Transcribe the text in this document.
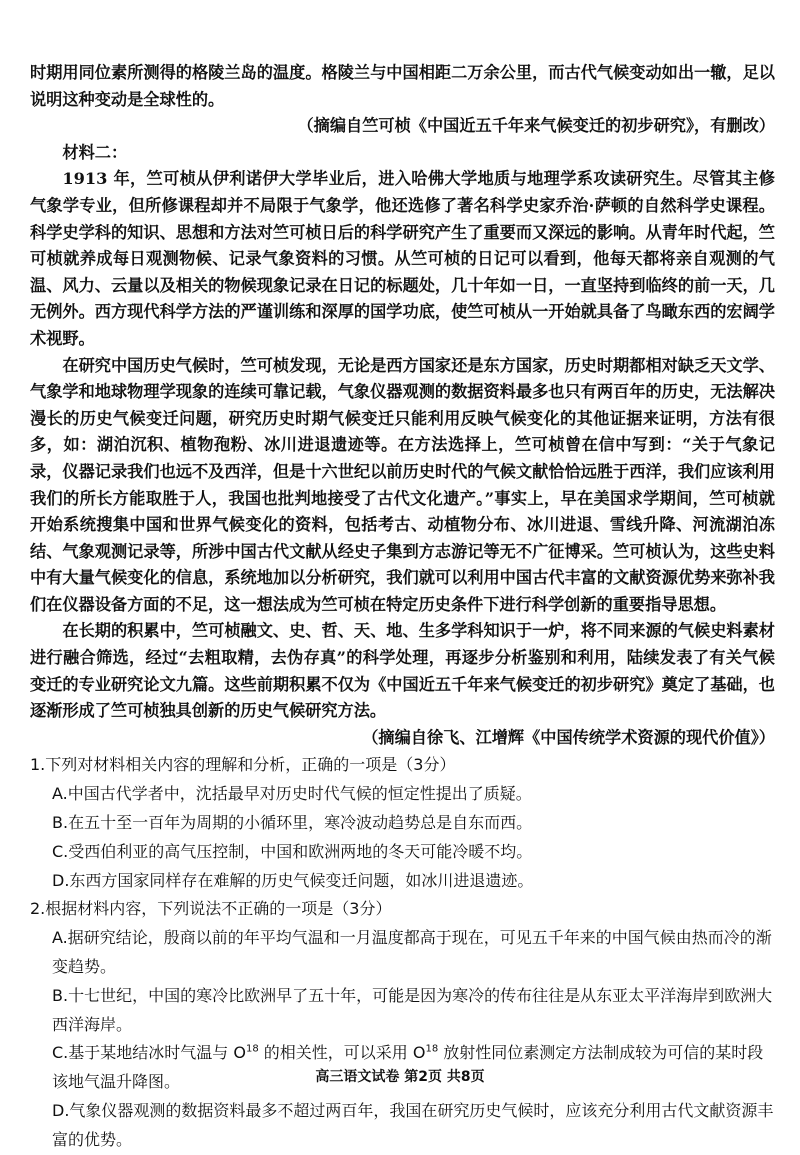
时期用同位素所测得的格陵兰岛的温度。格陵兰与中国相距二万余公里，而古代气候变动如出一辙，足以说明这种变动是全球性的。

（摘编自竺可桢《中国近五千年来气候变迁的初步研究》，有删改）

材料二：

1913 年，竺可桢从伊利诺伊大学毕业后，进入哈佛大学地质与地理学系攻读研究生。尽管其主修气象学专业，但所修课程却并不局限于气象学，他还选修了著名科学史家乔治·萨顿的自然科学史课程。科学史学科的知识、思想和方法对竺可桢日后的科学研究产生了重要而又深远的影响。从青年时代起，竺可桢就养成每日观测物候、记录气象资料的习惯。从竺可桢的日记可以看到，他每天都将亲自观测的气温、风力、云量以及相关的物候现象记录在日记的标题处，几十年如一日，一直坚持到临终的前一天，几无例外。西方现代科学方法的严谨训练和深厚的国学功底，使竺可桢从一开始就具备了鸟瞰东西的宏阔学术视野。

在研究中国历史气候时，竺可桢发现，无论是西方国家还是东方国家，历史时期都相对缺乏天文学、气象学和地球物理学现象的连续可靠记载，气象仪器观测的数据资料最多也只有两百年的历史，无法解决漫长的历史气候变迁问题，研究历史时期气候变迁只能利用反映气候变化的其他证据来证明，方法有很多，如：湖泊沉积、植物孢粉、冰川进退遗迹等。在方法选择上，竺可桢曾在信中写到：“关于气象记录，仪器记录我们也远不及西洋，但是十六世纪以前历史时代的气候文献恰恰远胜于西洋，我们应该利用我们的所长方能取胜于人，我国也批判地接受了古代文化遗产。”事实上，早在美国求学期间，竺可桢就开始系统搜集中国和世界气候变化的资料，包括考古、动植物分布、冰川进退、雪线升降、河流湖泊冻结、气象观测记录等，所涉中国古代文献从经史子集到方志游记等无不广征博采。竺可桢认为，这些史料中有大量气候变化的信息，系统地加以分析研究，我们就可以利用中国古代丰富的文献资源优势来弥补我们在仪器设备方面的不足，这一想法成为竺可桢在特定历史条件下进行科学创新的重要指导思想。

在长期的积累中，竺可桢融文、史、哲、天、地、生多学科知识于一炉，将不同来源的气候史料素材进行融合筛选，经过“去粗取精，去伪存真”的科学处理，再逐步分析鉴别和利用，陆续发表了有关气候变迁的专业研究论文九篇。这些前期积累不仅为《中国近五千年来气候变迁的初步研究》奠定了基础，也逐渐形成了竺可桢独具创新的历史气候研究方法。

（摘编自徐飞、江增辉《中国传统学术资源的现代价值》）

1.下列对材料相关内容的理解和分析，正确的一项是（3分）

A.中国古代学者中，沈括最早对历史时代气候的恒定性提出了质疑。

B.在五十至一百年为周期的小循环里，寒冷波动趋势总是自东而西。

C.受西伯利亚的高气压控制，中国和欧洲两地的冬天可能冷暖不均。

D.东西方国家同样存在难解的历史气候变迁问题，如冰川进退遗迹。

2.根据材料内容，下列说法不正确的一项是（3分）

A.据研究结论，殷商以前的年平均气温和一月温度都高于现在，可见五千年来的中国气候由热而冷的渐变趋势。

B.十七世纪，中国的寒冷比欧洲早了五十年，可能是因为寒冷的传布往往是从东亚太平洋海岸到欧洲大西洋海岸。

C.基于某地结冰时气温与 $O^{18}$ 的相关性，可以采用 $O^{18}$ 放射性同位素测定方法制成较为可信的某时段该地气温升降图。

D.气象仪器观测的数据资料最多不超过两百年，我国在研究历史气候时，应该充分利用古代文献资源丰富的优势。

高三语文试卷 第2页 共8页
